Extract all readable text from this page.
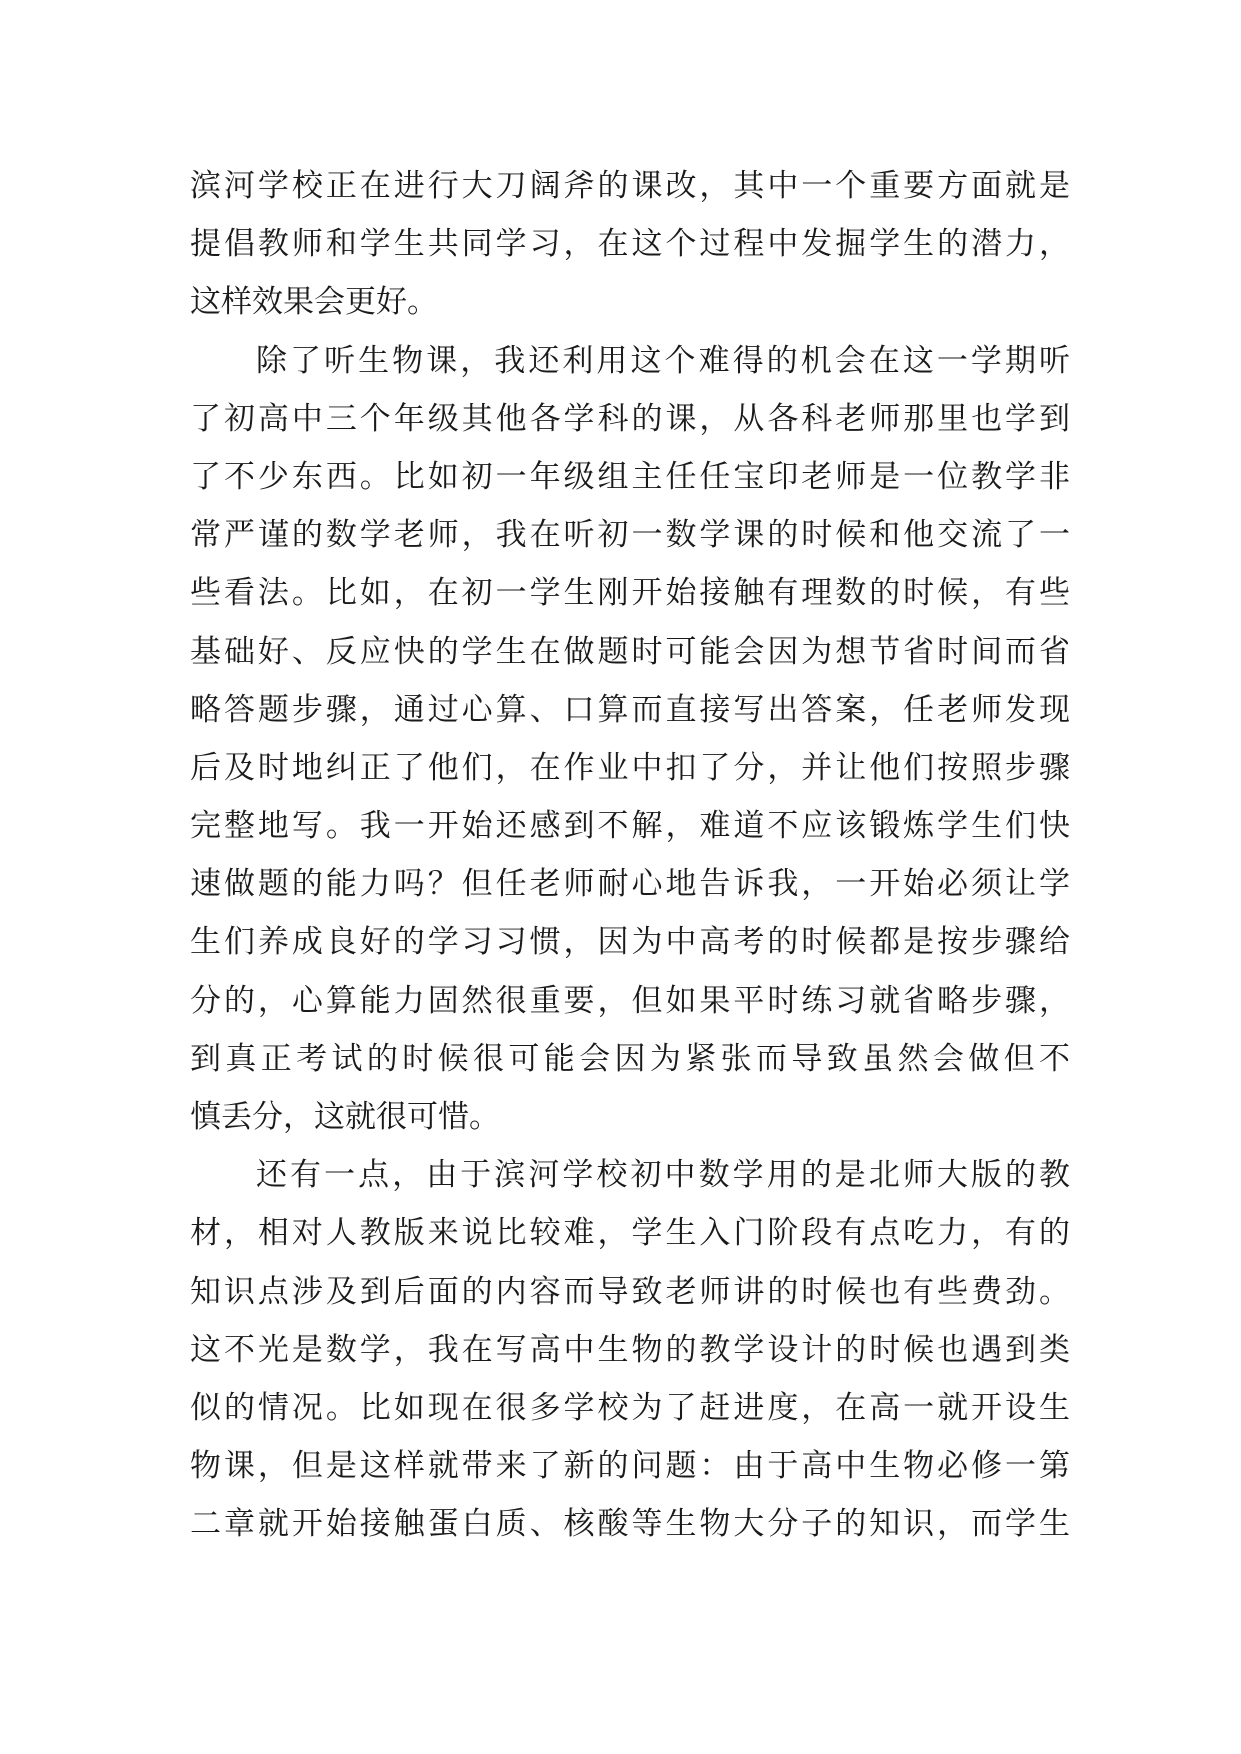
滨河学校正在进行大刀阔斧的课改，其中一个重要方面就是
提倡教师和学生共同学习，在这个过程中发掘学生的潜力，
这样效果会更好。
除了听生物课，我还利用这个难得的机会在这一学期听
了初高中三个年级其他各学科的课，从各科老师那里也学到
了不少东西。比如初一年级组主任任宝印老师是一位教学非
常严谨的数学老师，我在听初一数学课的时候和他交流了一
些看法。比如，在初一学生刚开始接触有理数的时候，有些
基础好、反应快的学生在做题时可能会因为想节省时间而省
略答题步骤，通过心算、口算而直接写出答案，任老师发现
后及时地纠正了他们，在作业中扣了分，并让他们按照步骤
完整地写。我一开始还感到不解，难道不应该锻炼学生们快
速做题的能力吗？但任老师耐心地告诉我，一开始必须让学
生们养成良好的学习习惯，因为中高考的时候都是按步骤给
分的，心算能力固然很重要，但如果平时练习就省略步骤，
到真正考试的时候很可能会因为紧张而导致虽然会做但不
慎丢分，这就很可惜。
还有一点，由于滨河学校初中数学用的是北师大版的教
材，相对人教版来说比较难，学生入门阶段有点吃力，有的
知识点涉及到后面的内容而导致老师讲的时候也有些费劲。
这不光是数学，我在写高中生物的教学设计的时候也遇到类
似的情况。比如现在很多学校为了赶进度，在高一就开设生
物课，但是这样就带来了新的问题：由于高中生物必修一第
二章就开始接触蛋白质、核酸等生物大分子的知识，而学生
